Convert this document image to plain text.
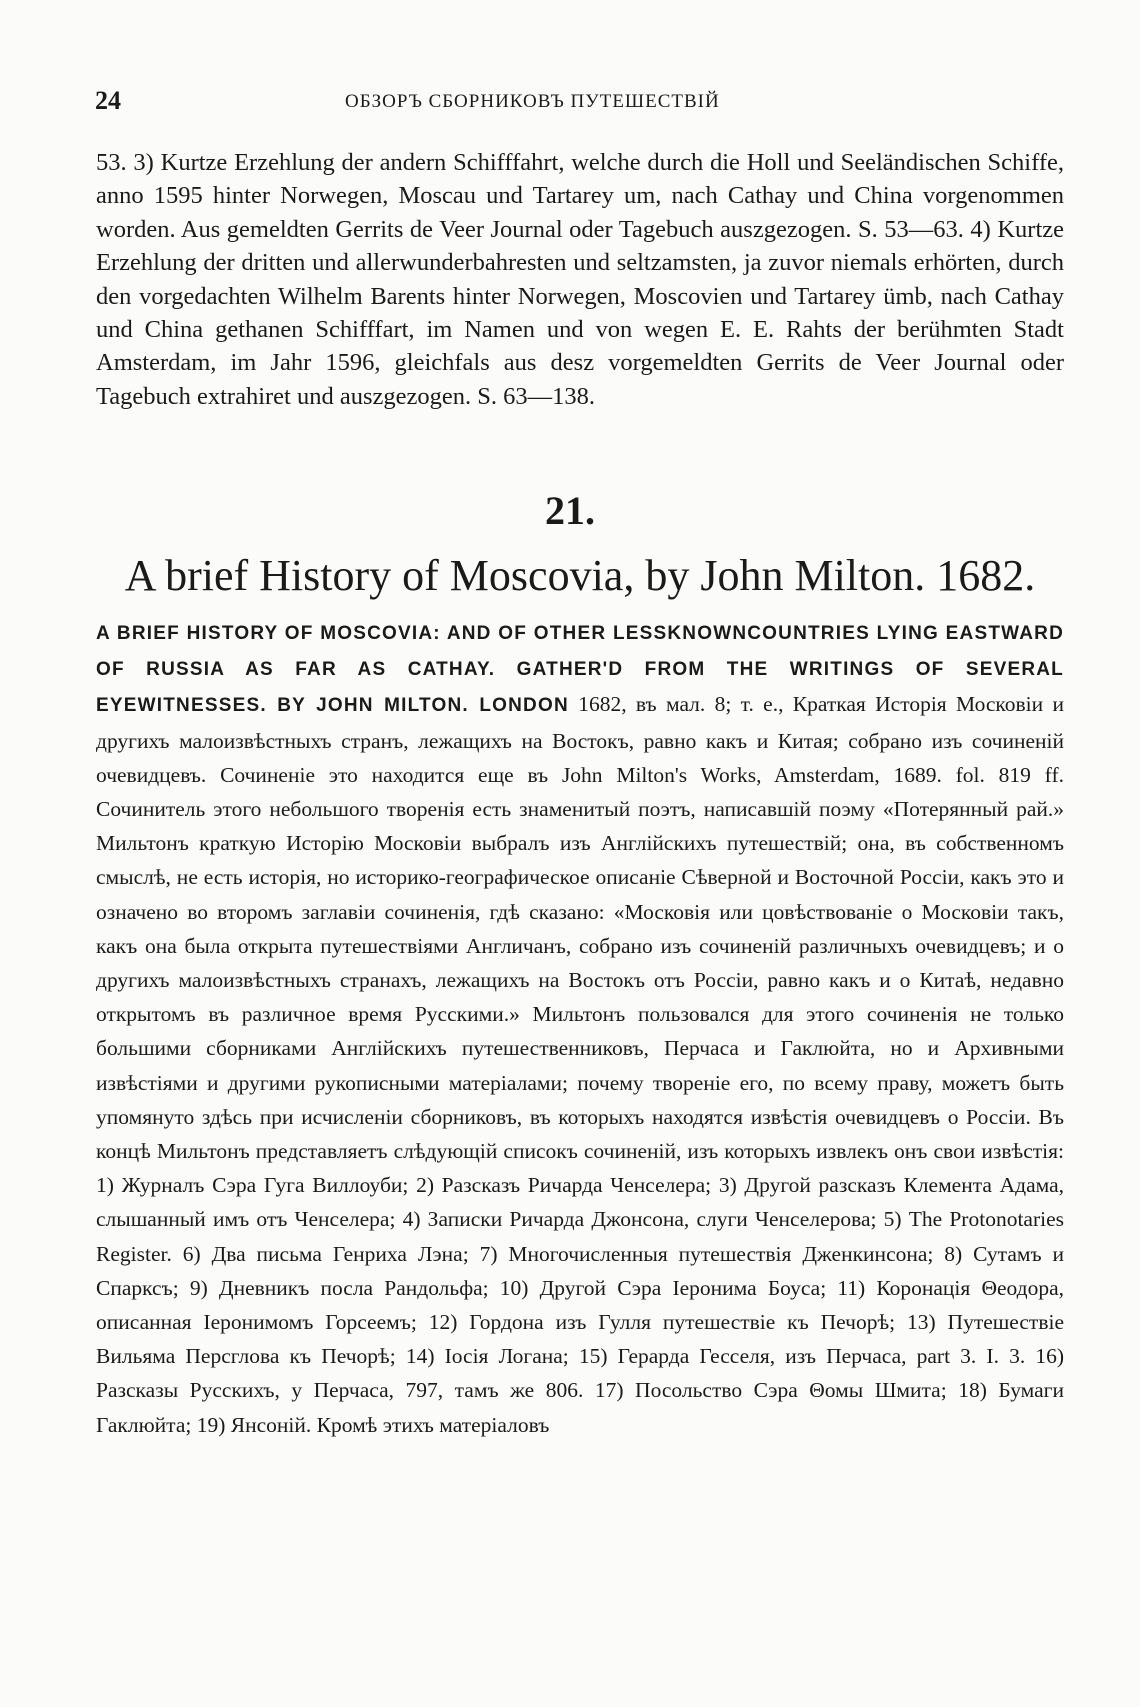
24	ОБЗОРЪ СБОРНИКОВЪ ПУТЕШЕСТВIЙ

53. 3) Kurtze Erzehlung der andern Schifffahrt, welche durch die Holl und Seeländischen Schiffe, anno 1595 hinter Norwegen, Moscau und Tartarey um, nach Cathay und China vorgenommen worden. Aus gemeldten Gerrits de Veer Journal oder Tagebuch auszgezogen. S. 53—63. 4) Kurtze Erzehlung der dritten und allerwunderbahresten und seltzamsten, ja zuvor niemals erhörten, durch den vorgedachten Wilhelm Barents hinter Norwegen, Moscovien und Tartarey ümb, nach Cathay und China gethanen Schifffart, im Namen und von wegen E. E. Rahts der berühmten Stadt Amsterdam, im Jahr 1596, gleichfals aus desz vorgemeldten Gerrits de Veer Journal oder Tagebuch extrahiret und auszgezogen. S. 63—138.

21.
A brief History of Moscovia, by John Milton. 1682.

A BRIEF HISTORY OF MOSCOVIA: AND OF OTHER LESSKNOWNCOUNTRIES LYING EASTWARD OF RUSSIA AS FAR AS CATHAY. GATHER'D FROM THE WRITINGS OF SEVERAL EYEWITNESSES. BY JOHN MILTON. LONDON 1682, въ мал. 8; т. е., Краткая Исторія Московіи и другихъ малоизвѣстныхъ странъ, лежащихъ на Востокъ, равно какъ и Китая; собрано изъ сочиненій очевидцевъ. Сочиненіе это находится еще въ John Milton's Works, Amsterdam, 1689. fol. 819 ff. Сочинитель этого небольшого творенія есть знаменитый поэтъ, написавшій поэму «Потерянный рай.» Мильтонъ краткую Исторію Московіи выбралъ изъ Англійскихъ путешествій; она, въ собственномъ смыслѣ, не есть исторія, но историко-географическое описаніе Сѣверной и Восточной Россіи, какъ это и означено во второмъ заглавіи сочиненія, гдѣ сказано: «Московія или цовѣствованіе о Московіи такъ, какъ она была открыта путешествіями Англичанъ, собрано изъ сочиненій различныхъ очевидцевъ; и о другихъ малоизвѣстныхъ странахъ, лежащихъ на Востокъ отъ Россіи, равно какъ и о Китаѣ, недавно открытомъ въ различное время Русскими.» Мильтонъ пользовался для этого сочиненія не только большими сборниками Англійскихъ путешественниковъ, Перчаса и Гаклюйта, но и Архивными извѣстіями и другими рукописными матеріалами; почему твореніе его, по всему праву, можетъ быть упомянуто здѣсь при исчисленіи сборниковъ, въ которыхъ находятся извѣстія очевидцевъ о Россіи. Въ концѣ Мильтонъ представляетъ слѣдующій списокъ сочиненій, изъ которыхъ извлекъ онъ свои извѣстія: 1) Журналъ Сэра Гуга Виллоуби; 2) Разсказъ Ричарда Ченселера; 3) Другой разсказъ Клемента Адама, слышанный имъ отъ Ченселера; 4) Записки Ричарда Джонсона, слуги Ченселерова; 5) The Protonotaries Register. 6) Два письма Генриха Лэна; 7) Многочисленныя путешествія Дженкинсона; 8) Сутамъ и Спарксъ; 9) Дневникъ посла Рандольфа; 10) Другой Сэра Іеронима Боуса; 11) Коронація Θеодора, описанная Іеронимомъ Горсеемъ; 12) Гордона изъ Гулля путешествіе къ Печорѣ; 13) Путешествіе Вильяма Персглова къ Печорѣ; 14) Іосія Логана; 15) Герарда Гесселя, изъ Перчаса, part 3. I. 3. 16) Разсказы Русскихъ, у Перчаса, 797, тамъ же 806. 17) Посольство Сэра Θомы Шмита; 18) Бумаги Гаклюйта; 19) Янсоній. Кромѣ этихъ матеріаловъ
